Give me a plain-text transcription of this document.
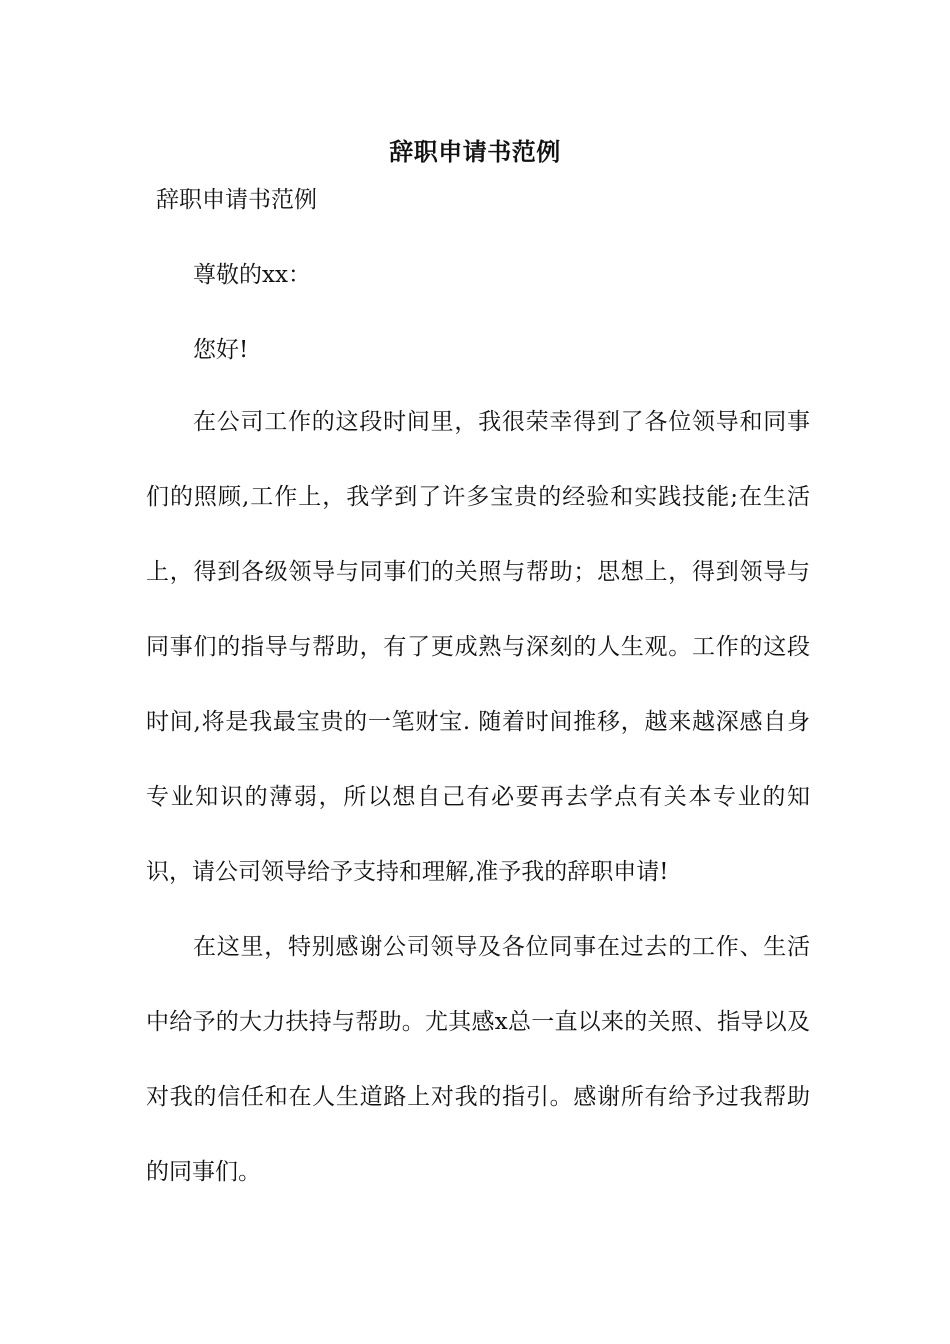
辞职申请书范例
辞职申请书范例
尊敬的xx：
您好!

在公司工作的这段时间里，我很荣幸得到了各位领导和同事们的照顾,工作上，我学到了许多宝贵的经验和实践技能;在生活上，得到各级领导与同事们的关照与帮助；思想上，得到领导与同事们的指导与帮助，有了更成熟与深刻的人生观。工作的这段时间,将是我最宝贵的一笔财宝. 随着时间推移，越来越深感自身专业知识的薄弱，所以想自己有必要再去学点有关本专业的知识，请公司领导给予支持和理解,准予我的辞职申请!

在这里，特别感谢公司领导及各位同事在过去的工作、生活中给予的大力扶持与帮助。尤其感x总一直以来的关照、指导以及对我的信任和在人生道路上对我的指引。感谢所有给予过我帮助的同事们。
